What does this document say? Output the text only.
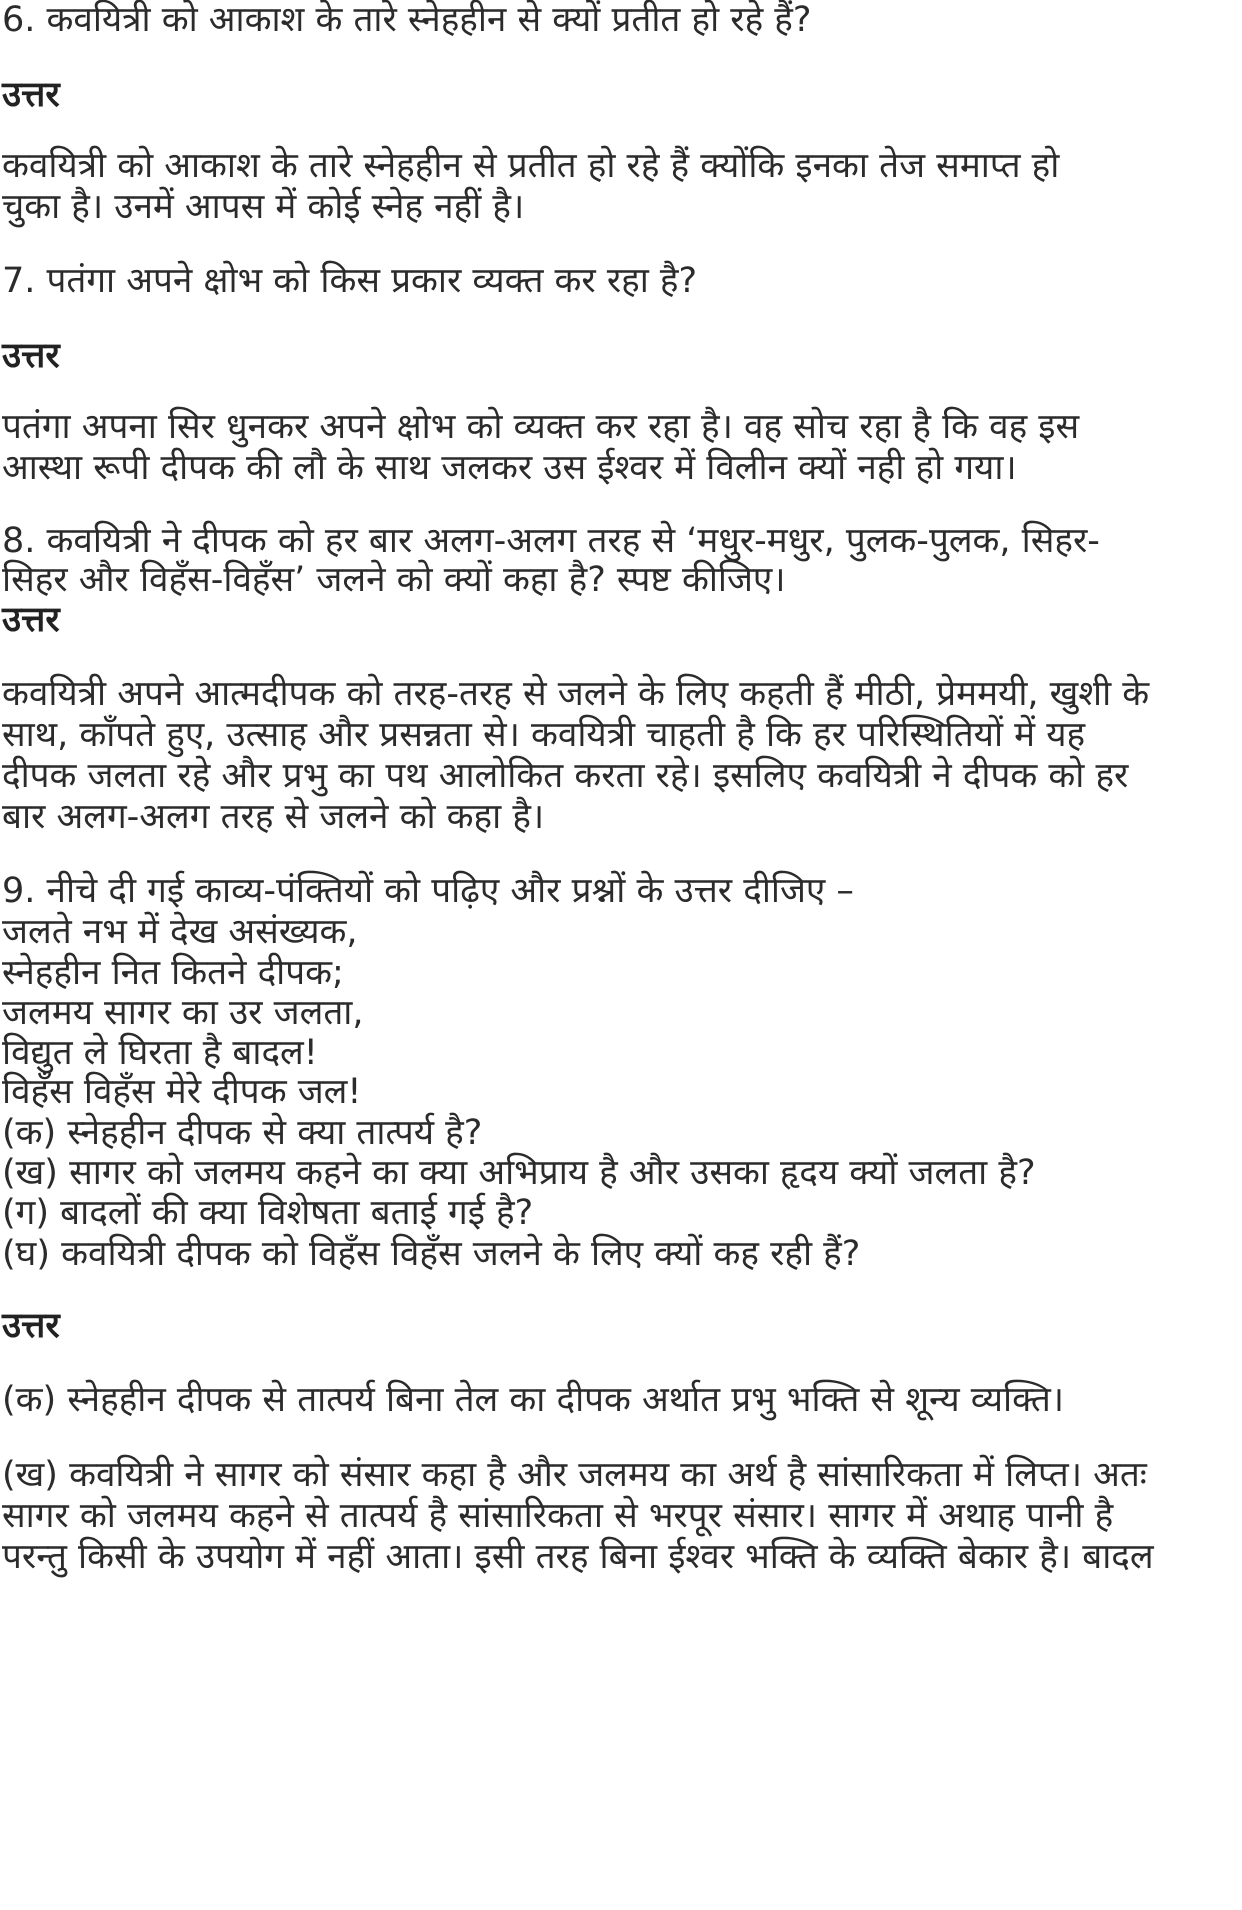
6. कवयित्री को आकाश के तारे स्नेहहीन से क्यों प्रतीत हो रहे हैं?
उत्तर
कवयित्री को आकाश के तारे स्नेहहीन से प्रतीत हो रहे हैं क्योंकि इनका तेज समाप्त हो
चुका है। उनमें आपस में कोई स्नेह नहीं है।
7. पतंगा अपने क्षोभ को किस प्रकार व्यक्त कर रहा है?
उत्तर
पतंगा अपना सिर धुनकर अपने क्षोभ को व्यक्त कर रहा है। वह सोच रहा है कि वह इस
आस्था रूपी दीपक की लौ के साथ जलकर उस ईश्वर में विलीन क्यों नही हो गया।
8. कवयित्री ने दीपक को हर बार अलग-अलग तरह से ‘मधुर-मधुर, पुलक-पुलक, सिहर-
सिहर और विहँस-विहँस’ जलने को क्यों कहा है? स्पष्ट कीजिए।
उत्तर
कवयित्री अपने आत्मदीपक को तरह-तरह से जलने के लिए कहती हैं मीठी, प्रेममयी, खुशी के
साथ, काँपते हुए, उत्साह और प्रसन्नता से। कवयित्री चाहती है कि हर परिस्थितियों में यह
दीपक जलता रहे और प्रभु का पथ आलोकित करता रहे। इसलिए कवयित्री ने दीपक को हर
बार अलग-अलग तरह से जलने को कहा है।
9. नीचे दी गई काव्य-पंक्तियों को पढ़िए और प्रश्नों के उत्तर दीजिए –
जलते नभ में देख असंख्यक,
स्नेहहीन नित कितने दीपक;
जलमय सागर का उर जलता,
विद्युत ले घिरता है बादल!
विहँस विहँस मेरे दीपक जल!
(क) स्नेहहीन दीपक से क्या तात्पर्य है?
(ख) सागर को जलमय कहने का क्या अभिप्राय है और उसका हृदय क्यों जलता है?
(ग) बादलों की क्या विशेषता बताई गई है?
(घ) कवयित्री दीपक को विहँस विहँस जलने के लिए क्यों कह रही हैं?
उत्तर
(क) स्नेहहीन दीपक से तात्पर्य बिना तेल का दीपक अर्थात प्रभु भक्ति से शून्य व्यक्ति।
(ख) कवयित्री ने सागर को संसार कहा है और जलमय का अर्थ है सांसारिकता में लिप्त। अतः
सागर को जलमय कहने से तात्पर्य है सांसारिकता से भरपूर संसार। सागर में अथाह पानी है
परन्तु किसी के उपयोग में नहीं आता। इसी तरह बिना ईश्वर भक्ति के व्यक्ति बेकार है। बादल
